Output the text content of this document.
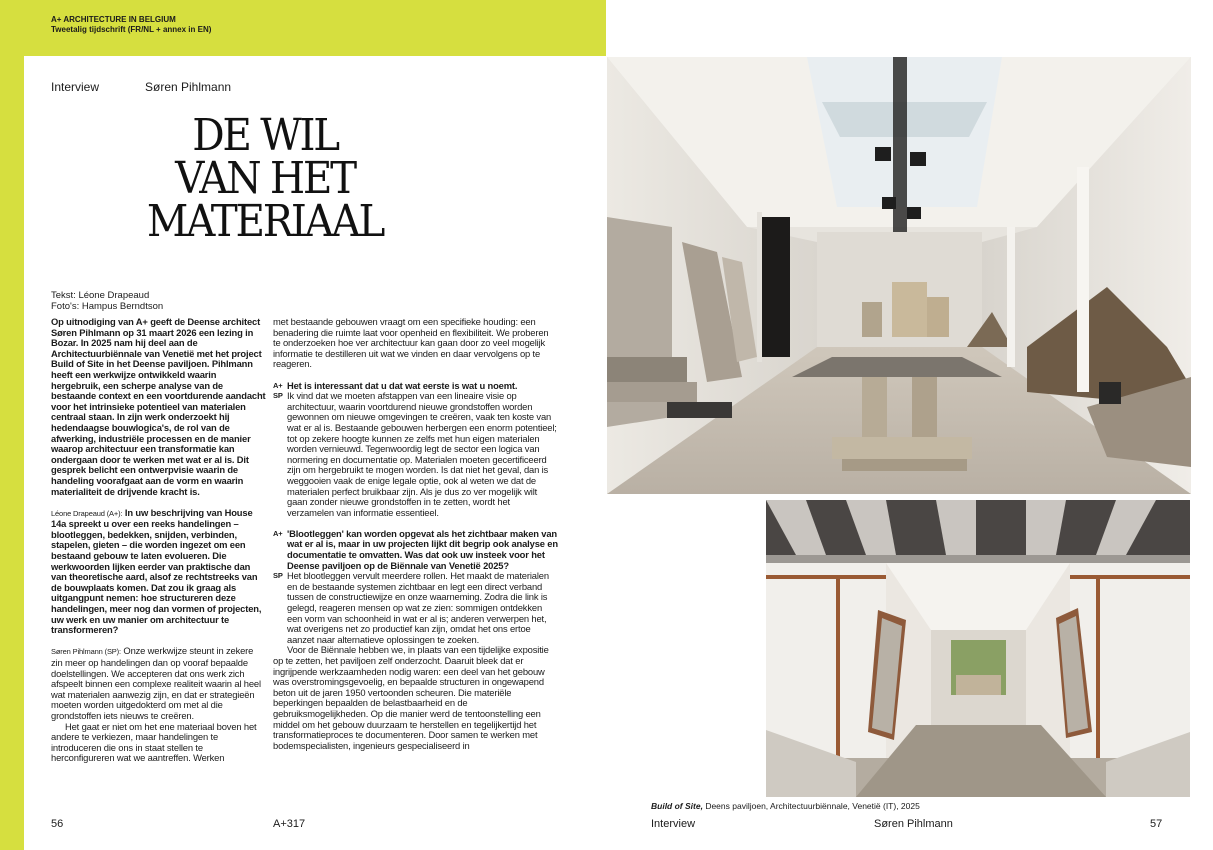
A+ ARCHITECTURE IN BELGIUM
Tweetalig tijdschrift (FR/NL + annex in EN)
Interview	Søren Pihlmann
DE WIL
VAN HET
MATERIAAL
Tekst: Léone Drapeaud
Foto's: Hampus Berndtson

Op uitnodiging van A+ geeft de Deense architect Søren Pihlmann op 31 maart 2026 een lezing in Bozar. In 2025 nam hij deel aan de Architectuurbiënnale van Venetië met het project Build of Site in het Deense paviljoen. Pihlmann heeft een werkwijze ontwikkeld waarin hergebruik, een scherpe analyse van de bestaande context en een voortdurende aandacht voor het intrinsieke potentieel van materialen centraal staan. In zijn werk onderzoekt hij hedendaagse bouwlogica's, de rol van de afwerking, industriële processen en de manier waarop architectuur een transformatie kan ondergaan door te werken met wat er al is. Dit gesprek belicht een ontwerpvisie waarin de handeling voorafgaat aan de vorm en waarin materialiteit de drijvende kracht is.

Léone Drapeaud (A+): In uw beschrijving van House 14a spreekt u over een reeks handelingen – blootleggen, bedekken, snijden, verbinden, stapelen, gieten – die worden ingezet om een bestaand gebouw te laten evolueren. Die werkwoorden lijken eerder van praktische dan van theoretische aard, alsof ze rechtstreeks van de bouwplaats komen. Dat zou ik graag als uitgangpunt nemen: hoe structureren deze handelingen, meer nog dan vormen of projecten, uw werk en uw manier om architectuur te transformeren?

Søren Pihlmann (SP): Onze werkwijze steunt in zekere zin meer op handelingen dan op vooraf bepaalde doelstellingen. We accepteren dat ons werk zich afspeelt binnen een complexe realiteit waarin al heel wat materialen aanwezig zijn, en dat er strategieën moeten worden uitgedokterd om met al die grondstoffen iets nieuws te creëren.

Het gaat er niet om het ene materiaal boven het andere te verkiezen, maar handelingen te introduceren die ons in staat stellen te herconfigureren wat we aantreffen. Werken

met bestaande gebouwen vraagt om een specifieke houding: een benadering die ruimte laat voor openheid en flexibiliteit. We proberen te onderzoeken hoe ver architectuur kan gaan door zo veel mogelijk informatie te destilleren uit wat we vinden en daar vervolgens op te reageren.

A+ Het is interessant dat u dat wat eerste is wat u noemt.
SP Ik vind dat we moeten afstappen van een lineaire visie op architectuur, waarin voortdurend nieuwe grondstoffen worden gewonnen om nieuwe omgevingen te creëren, vaak ten koste van wat er al is. Bestaande gebouwen herbergen een enorm potentieel; tot op zekere hoogte kunnen ze zelfs met hun eigen materialen worden vernieuwd. Tegenwoordig legt de sector een logica van normering en documentatie op. Materialen moeten gecertificeerd zijn om hergebruikt te mogen worden. Is dat niet het geval, dan is weggooien vaak de enige legale optie, ook al weten we dat de materialen perfect bruikbaar zijn. Als je dus zo ver mogelijk wilt gaan zonder nieuwe grondstoffen in te zetten, wordt het verzamelen van informatie essentieel.
A+ 'Blootleggen' kan worden opgevat als het zichtbaar maken van wat er al is, maar in uw projecten lijkt dit begrip ook analyse en documentatie te omvatten. Was dat ook uw insteek voor het Deense paviljoen op de Biënnale van Venetië 2025?
SP Het blootleggen vervult meerdere rollen. Het maakt de materialen en de bestaande systemen zichtbaar en legt een direct verband tussen de constructiewijze en onze waarneming. Zodra die link is gelegd, reageren mensen op wat ze zien: sommigen ontdekken een vorm van schoonheid in wat er al is; anderen verwerpen het, wat overigens net zo productief kan zijn, omdat het ons ertoe aanzet naar alternatieve oplossingen te zoeken.

Voor de Biënnale hebben we, in plaats van een tijdelijke expositie op te zetten, het paviljoen zelf onderzocht. Daaruit bleek dat er ingrijpende werkzaamheden nodig waren: een deel van het gebouw was overstromingsgevoelig, en bepaalde structuren in ongewapend beton uit de jaren 1950 vertoonden scheuren. Die materiële beperkingen bepaalden de belastbaarheid en de gebruiksmogelijkheden. Op die manier werd de tentoonstelling een middel om het gebouw duurzaam te herstellen en tegelijkertijd het transformatieproces te documenteren. Door samen te werken met bodemspecialisten, ingenieurs gespecialiseerd in

Build of Site, Deens paviljoen, Architectuurbiënnale, Venetië (IT), 2025
56	A+317	Interview	Søren Pihlmann	57
